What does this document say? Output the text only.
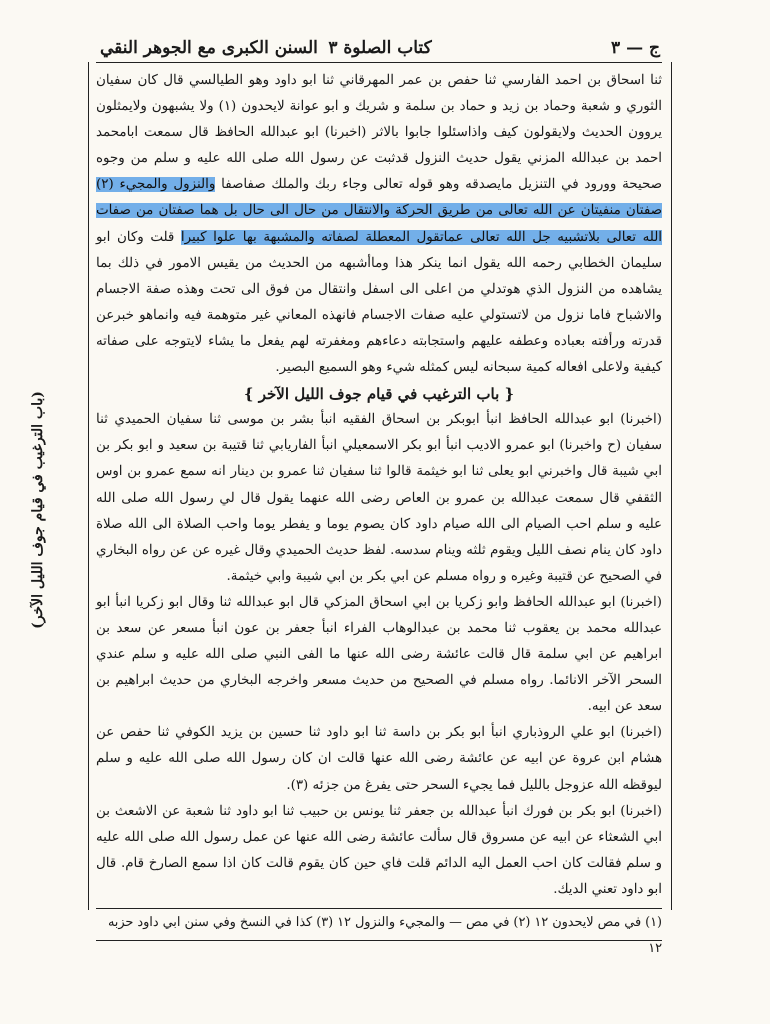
ج — ٣
كتاب الصلوة ٣
السنن الكبرى مع الجوهر النقي
(باب الترغيب في قيام جوف الليل الآخر)

ثنا اسحاق بن احمد الفارسي ثنا حفص بن عمر المهرقاني ثنا ابو داود وهو الطيالسي قال كان سفيان الثوري و شعبة وحماد بن زيد و حماد بن سلمة و شريك و ابو عوانة لايحدون (١) ولا يشبهون ولايمثلون يروون الحديث ولايقولون كيف واذاسئلوا جابوا بالاثر (اخبرنا) ابو عبدالله الحافظ قال سمعت ابامحمد احمد بن عبدالله المزني يقول حديث النزول قدثبت عن رسول الله صلى الله عليه و سلم من وجوه صحيحة وورود في التنزيل مايصدقه وهو قوله تعالى وجاء ربك والملك صفاصفا والنزول والمجيء (٢) صفتان منفيتان عن الله تعالى من طريق الحركة والانتقال من حال الى حال بل هما صفتان من صفات الله تعالى بلاتشبيه جل الله تعالى عماتقول المعطلة لصفاته والمشبهة بها علوا كبيرا قلت وكان ابو سليمان الخطابي رحمه الله يقول انما ينكر هذا وماأشبهه من الحديث من يقيس الامور في ذلك بما يشاهده من النزول الذي هوتدلي من اعلى الى اسفل وانتقال من فوق الى تحت وهذه صفة الاجسام والاشباح فاما نزول من لاتستولي عليه صفات الاجسام فانهذه المعاني غير متوهمة فيه وانماهو خبرعن قدرته ورأفته بعباده وعطفه عليهم واستجابته دعاءهم ومغفرته لهم يفعل ما يشاء لايتوجه على صفاته كيفية ولاعلى افعاله كمية سبحانه ليس كمثله شيء وهو السميع البصير.

{ باب الترغيب في قيام جوف الليل الآخر }

(اخبرنا) ابو عبدالله الحافظ انبأ ابوبكر بن اسحاق الفقيه انبأ بشر بن موسى ثنا سفيان الحميدي ثنا سفيان (ح واخبرنا) ابو عمرو الاديب انبأ ابو بكر الاسمعيلي انبأ الفاريابي ثنا قتيبة بن سعيد و ابو بكر بن ابي شيبة قال واخبرني ابو يعلى ثنا ابو خيثمة قالوا ثنا سفيان ثنا عمرو بن دينار انه سمع عمرو بن اوس الثقفي قال سمعت عبدالله بن عمرو بن العاص رضى الله عنهما يقول قال لي رسول الله صلى الله عليه و سلم احب الصيام الى الله صيام داود كان يصوم يوما و يفطر يوما واحب الصلاة الى الله صلاة داود كان ينام نصف الليل ويقوم ثلثه وينام سدسه. لفظ حديث الحميدي وقال غيره عن عن رواه البخاري في الصحيح عن قتيبة وغيره و رواه مسلم عن ابي بكر بن ابي شيبة وابي خيثمة.

(اخبرنا) ابو عبدالله الحافظ وابو زكريا بن ابي اسحاق المزكي قال ابو عبدالله ثنا وقال ابو زكريا انبأ ابو عبدالله محمد بن يعقوب ثنا محمد بن عبدالوهاب الفراء انبأ جعفر بن عون انبأ مسعر عن سعد بن ابراهيم عن ابي سلمة قال قالت عائشة رضى الله عنها ما الفى النبي صلى الله عليه و سلم عندي السحر الآخر الانائما. رواه مسلم في الصحيح من حديث مسعر واخرجه البخاري من حديث ابراهيم بن سعد عن ابيه.

(اخبرنا) ابو علي الروذباري انبأ ابو بكر بن داسة ثنا ابو داود ثنا حسين بن يزيد الكوفي ثنا حفص عن هشام ابن عروة عن ابيه عن عائشة رضى الله عنها قالت ان كان رسول الله صلى الله عليه و سلم ليوقظه الله عزوجل بالليل فما يجيء السحر حتى يفرغ من جزئه (٣).

(اخبرنا) ابو بكر بن فورك انبأ عبدالله بن جعفر ثنا يونس بن حبيب ثنا ابو داود ثنا شعبة عن الاشعث بن ابي الشعثاء عن ابيه عن مسروق قال سألت عائشة رضى الله عنها عن عمل رسول الله صلى الله عليه و سلم فقالت كان احب العمل اليه الدائم قلت فاي حين كان يقوم قالت كان اذا سمع الصارخ قام. قال ابو داود تعني الديك.

(١) في مص لايحدون ١٢ (٢) في مص — والمجيء والنزول ١٢ (٣) كذا في النسخ وفي سنن ابي داود حزبه ١٢
